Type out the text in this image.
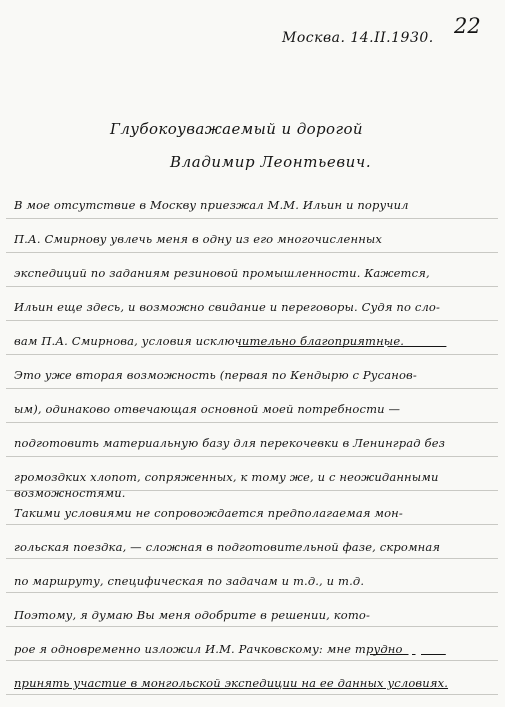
22
Москва. 14.II.1930.
Глубокоуважаемый и дорогой
Владимир Леонтьевич.
В мое отсутствие в Москву приезжал М.М. Ильин и поручил
П.А. Смирнову увлечь меня в одну из его многочисленных
экспедиций по заданиям резиновой промышленности. Кажется,
Ильин еще здесь, и возможно свидание и переговоры. Судя по сло-
вам П.А. Смирнова, условия исключительно благоприятные.
Это уже вторая возможность (первая по Кендырю с Русанов-
ым), одинаково отвечающая основной моей потребности —
подготовить материальную базу для перекочевки в Ленинград без
громоздких хлопот, сопряженных, к тому же, и с неожиданными
возможностями.
Такими условиями не сопровождается предполагаемая мон-
гольская поездка, — сложная в подготовительной фазе, скромная
по маршруту, специфическая по задачам и т.д., и т.д.
Поэтому, я думаю Вы меня одобрите в решении, кото-
рое я одновременно изложил И.М. Рачковскому: мне трудно
принять участие в монгольской экспедиции на ее данных условиях.
